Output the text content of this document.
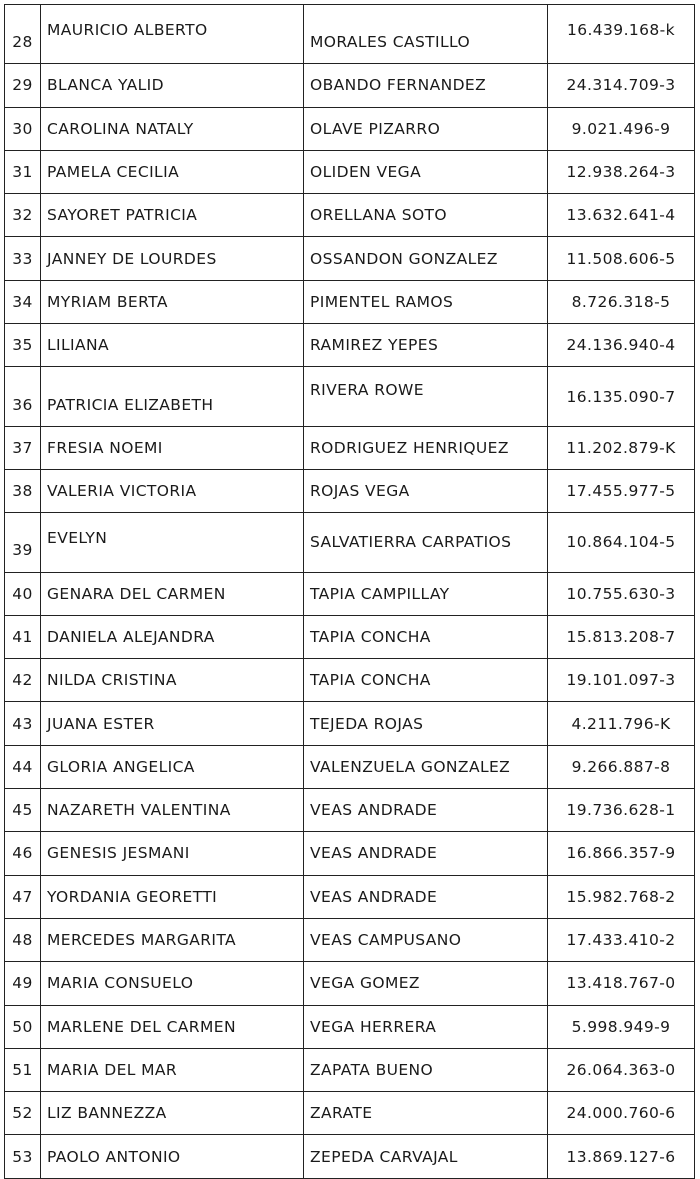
28	MAURICIO ALBERTO	MORALES CASTILLO	16.439.168-k
29	BLANCA YALID	OBANDO FERNANDEZ	24.314.709-3
30	CAROLINA NATALY	OLAVE PIZARRO	9.021.496-9
31	PAMELA CECILIA	OLIDEN VEGA	12.938.264-3
32	SAYORET PATRICIA	ORELLANA SOTO	13.632.641-4
33	JANNEY DE LOURDES	OSSANDON GONZALEZ	11.508.606-5
34	MYRIAM BERTA	PIMENTEL RAMOS	8.726.318-5
35	LILIANA	RAMIREZ YEPES	24.136.940-4
36	PATRICIA ELIZABETH	RIVERA ROWE	16.135.090-7
37	FRESIA NOEMI	RODRIGUEZ HENRIQUEZ	11.202.879-K
38	VALERIA VICTORIA	ROJAS VEGA	17.455.977-5
39	EVELYN	SALVATIERRA CARPATIOS	10.864.104-5
40	GENARA DEL CARMEN	TAPIA CAMPILLAY	10.755.630-3
41	DANIELA ALEJANDRA	TAPIA CONCHA	15.813.208-7
42	NILDA CRISTINA	TAPIA CONCHA	19.101.097-3
43	JUANA ESTER	TEJEDA ROJAS	4.211.796-K
44	GLORIA ANGELICA	VALENZUELA GONZALEZ	9.266.887-8
45	NAZARETH VALENTINA	VEAS ANDRADE	19.736.628-1
46	GENESIS JESMANI	VEAS ANDRADE	16.866.357-9
47	YORDANIA GEORETTI	VEAS ANDRADE	15.982.768-2
48	MERCEDES MARGARITA	VEAS CAMPUSANO	17.433.410-2
49	MARIA CONSUELO	VEGA GOMEZ	13.418.767-0
50	MARLENE DEL CARMEN	VEGA HERRERA	5.998.949-9
51	MARIA DEL MAR	ZAPATA BUENO	26.064.363-0
52	LIZ BANNEZZA	ZARATE	24.000.760-6
53	PAOLO ANTONIO	ZEPEDA CARVAJAL	13.869.127-6
